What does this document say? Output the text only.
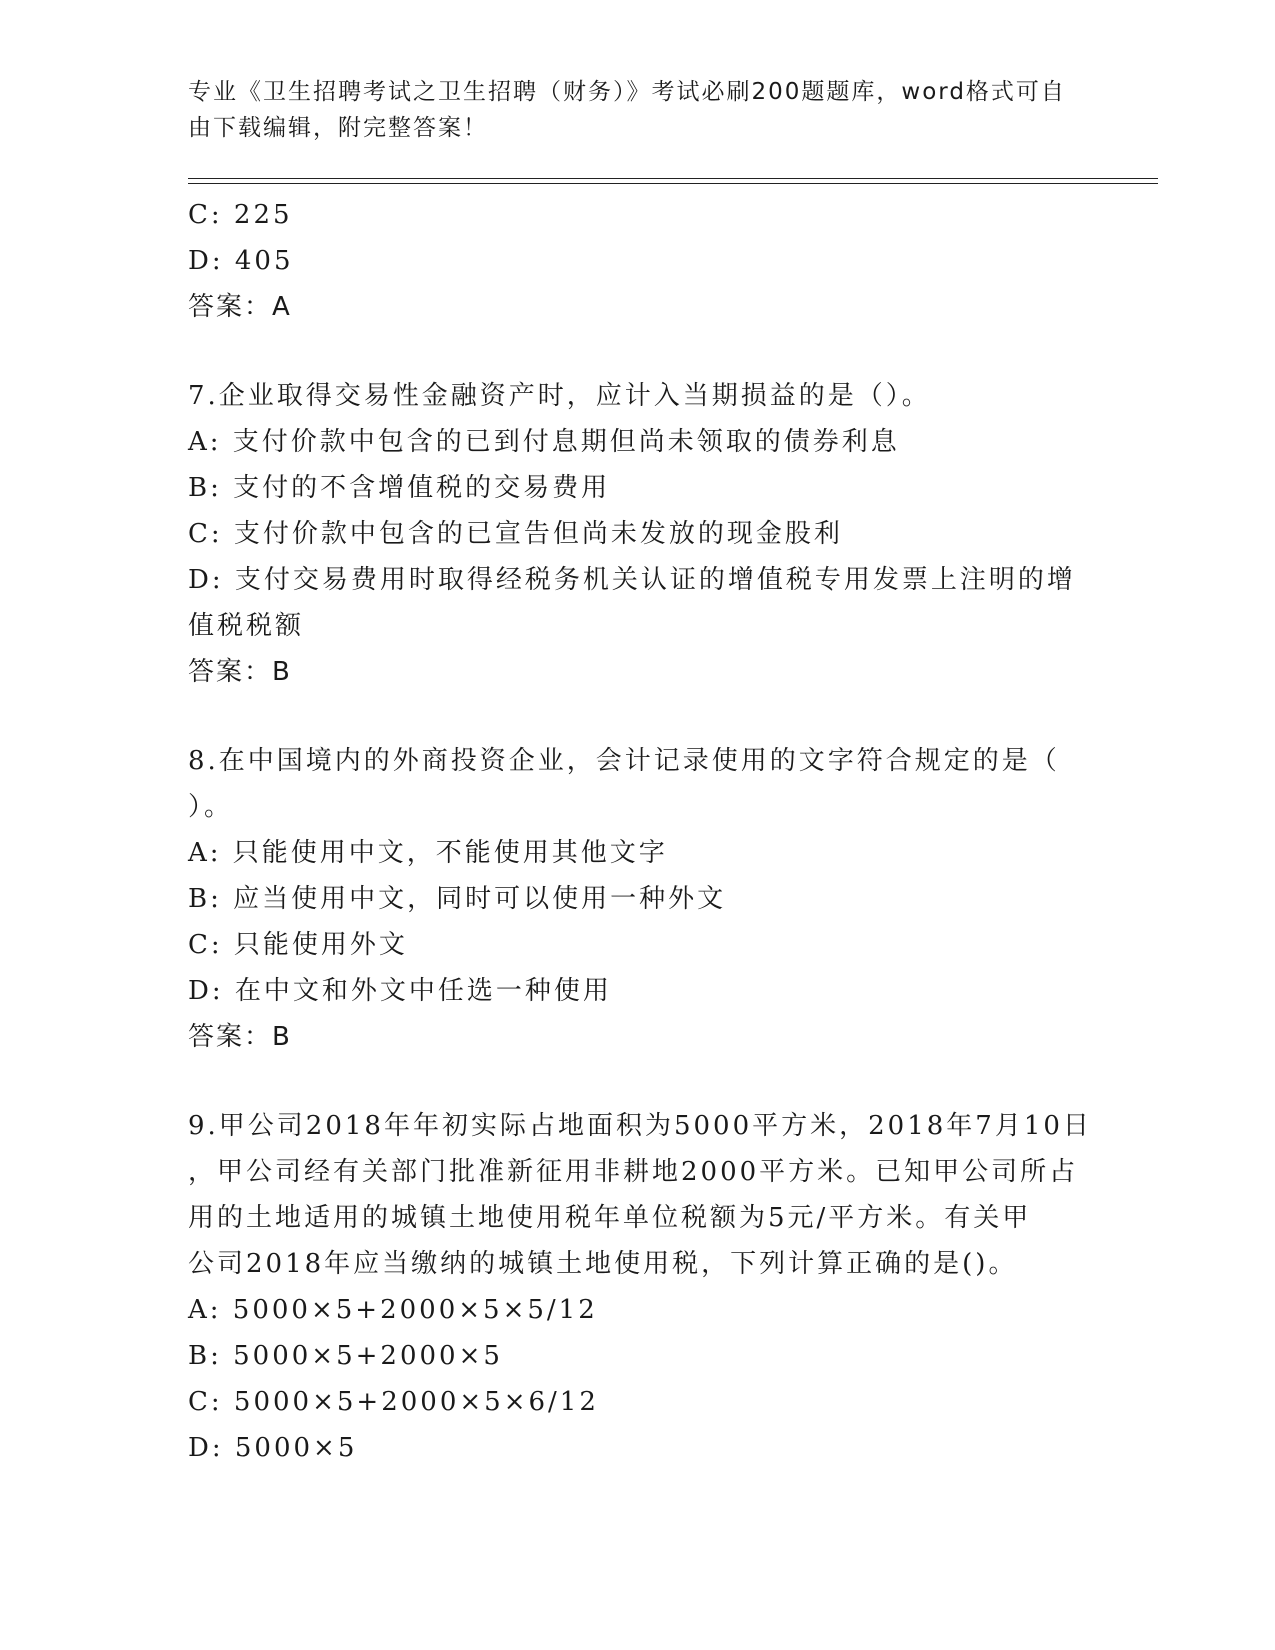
专业《卫生招聘考试之卫生招聘（财务）》考试必刷200题题库，word格式可自
由下载编辑，附完整答案！
C: 225
D: 405
答案：A
7.企业取得交易性金融资产时，应计入当期损益的是（）。
A: 支付价款中包含的已到付息期但尚未领取的债券利息
B: 支付的不含增值税的交易费用
C: 支付价款中包含的已宣告但尚未发放的现金股利
D: 支付交易费用时取得经税务机关认证的增值税专用发票上注明的增
值税税额
答案：B
8.在中国境内的外商投资企业，会计记录使用的文字符合规定的是（
）。
A: 只能使用中文，不能使用其他文字
B: 应当使用中文，同时可以使用一种外文
C: 只能使用外文
D: 在中文和外文中任选一种使用
答案：B
9.甲公司2018年年初实际占地面积为5000平方米，2018年7月10日
，甲公司经有关部门批准新征用非耕地2000平方米。已知甲公司所占
用的土地适用的城镇土地使用税年单位税额为5元/平方米。有关甲
公司2018年应当缴纳的城镇土地使用税，下列计算正确的是()。
A: 5000×5+2000×5×5/12
B: 5000×5+2000×5
C: 5000×5+2000×5×6/12
D: 5000×5
